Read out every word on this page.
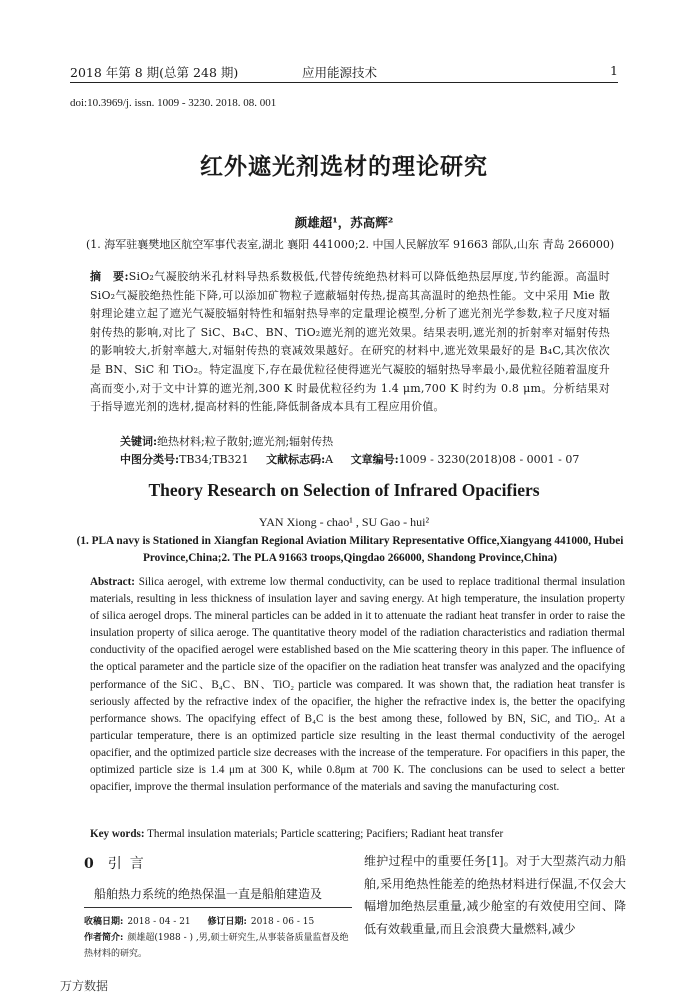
2018 年第 8 期(总第 248 期)	应用能源技术	1
doi:10.3969/j. issn. 1009 - 3230. 2018. 08. 001
红外遮光剂选材的理论研究
颜雄超¹，苏高辉²
(1. 海军驻襄樊地区航空军事代表室,湖北 襄阳 441000;2. 中国人民解放军 91663 部队,山东 青岛 266000)
摘　要:SiO₂气凝胶纳米孔材料导热系数极低,代替传统绝热材料可以降低绝热层厚度,节约能源。高温时 SiO₂气凝胶绝热性能下降,可以添加矿物粒子遮蔽辐射传热,提高其高温时的绝热性能。文中采用 Mie 散射理论建立起了遮光气凝胶辐射特性和辐射热导率的定量理论模型,分析了遮光剂光学参数,粒子尺度对辐射传热的影响,对比了 SiC、B₄C、BN、TiO₂遮光剂的遮光效果。结果表明,遮光剂的折射率对辐射传热的影响较大,折射率越大,对辐射传热的衰减效果越好。在研究的材料中,遮光效果最好的是 B₄C,其次依次是 BN、SiC 和 TiO₂。特定温度下,存在最优粒径使得遮光气凝胶的辐射热导率最小,最优粒径随着温度升高而变小,对于文中计算的遮光剂,300 K 时最优粒径约为 1.4 μm,700 K 时约为 0.8 μm。分析结果对于指导遮光剂的选材,提高材料的性能,降低制备成本具有工程应用价值。
关键词:绝热材料;粒子散射;遮光剂;辐射传热
中图分类号:TB34;TB321 文献标志码:A 文章编号:1009 - 3230(2018)08 - 0001 - 07
Theory Research on Selection of Infrared Opacifiers
YAN Xiong - chao¹ , SU Gao - hui²
(1. PLA navy is Stationed in Xiangfan Regional Aviation Military Representative Office,Xiangyang 441000, Hubei Province,China;2. The PLA 91663 troops,Qingdao 266000, Shandong Province,China)
Abstract: Silica aerogel, with extreme low thermal conductivity, can be used to replace traditional thermal insulation materials, resulting in less thickness of insulation layer and saving energy. At high temperature, the insulation property of silica aerogel drops. The mineral particles can be added in it to attenuate the radiant heat transfer in order to raise the insulation property of silica aeroge. The quantitative theory model of the radiation characteristics and radiation thermal conductivity of the opacified aerogel were established based on the Mie scattering theory in this paper. The influence of the optical parameter and the particle size of the opacifier on the radiation heat transfer was analyzed and the opacifying performance of the SiC、B₄C、BN、TiO₂ particle was compared. It was shown that, the radiation heat transfer is seriously affected by the refractive index of the opacifier, the higher the refractive index is, the better the opacifying performance shows. The opacifying effect of B₄C is the best among these, followed by BN, SiC, and TiO₂. At a particular temperature, there is an optimized particle size resulting in the least thermal conductivity of the aerogel opacifier, and the optimized particle size decreases with the increase of the temperature. For opacifiers in this paper, the optimized particle size is 1.4 μm at 300 K, while 0.8μm at 700 K. The conclusions can be used to select a better opacifier, improve the thermal insulation performance of the materials and saving the manufacturing cost.
Key words: Thermal insulation materials; Particle scattering; Pacifiers; Radiant heat transfer
0 引言
船舶热力系统的绝热保温一直是船舶建造及
收稿日期: 2018 - 04 - 21 修订日期: 2018 - 06 - 15
作者简介: 颜雄超(1988 - ) ,男,硕士研究生,从事装备质量监督及绝热材料的研究。
维护过程中的重要任务[1]。对于大型蒸汽动力船舶,采用绝热性能差的绝热材料进行保温,不仅会大幅增加绝热层重量,减少舱室的有效使用空间、降低有效载重量,而且会浪费大量燃料,减少
万方数据
